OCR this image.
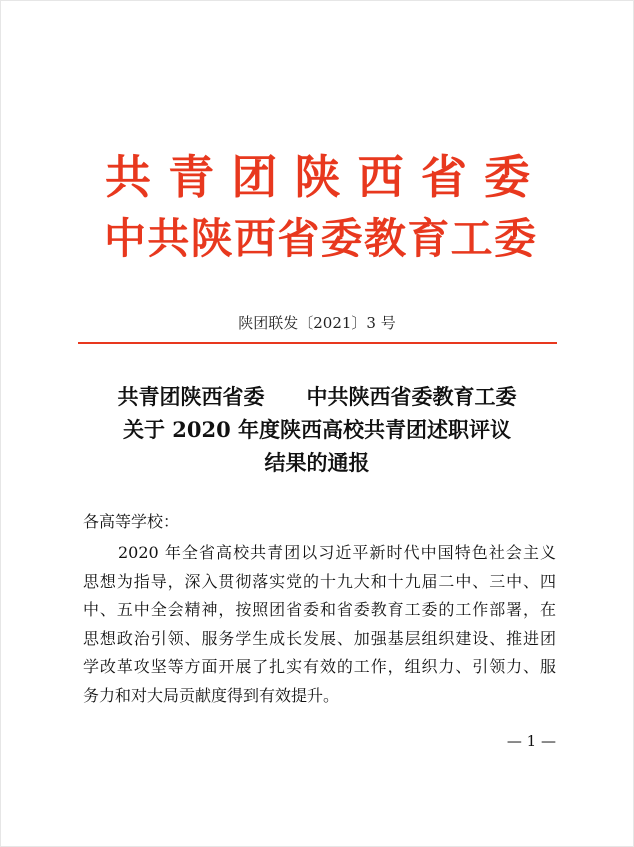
共 青 团 陕 西 省 委
中共陕西省委教育工委
陕团联发〔2021〕3 号
共青团陕西省委　　中共陕西省委教育工委
关于 2020 年度陕西高校共青团述职评议
结果的通报
各高等学校：
2020 年全省高校共青团以习近平新时代中国特色社会主义
思想为指导，深入贯彻落实党的十九大和十九届二中、三中、四
中、五中全会精神，按照团省委和省委教育工委的工作部署，在
思想政治引领、服务学生成长发展、加强基层组织建设、推进团
学改革攻坚等方面开展了扎实有效的工作，组织力、引领力、服
务力和对大局贡献度得到有效提升。
— 1 —
